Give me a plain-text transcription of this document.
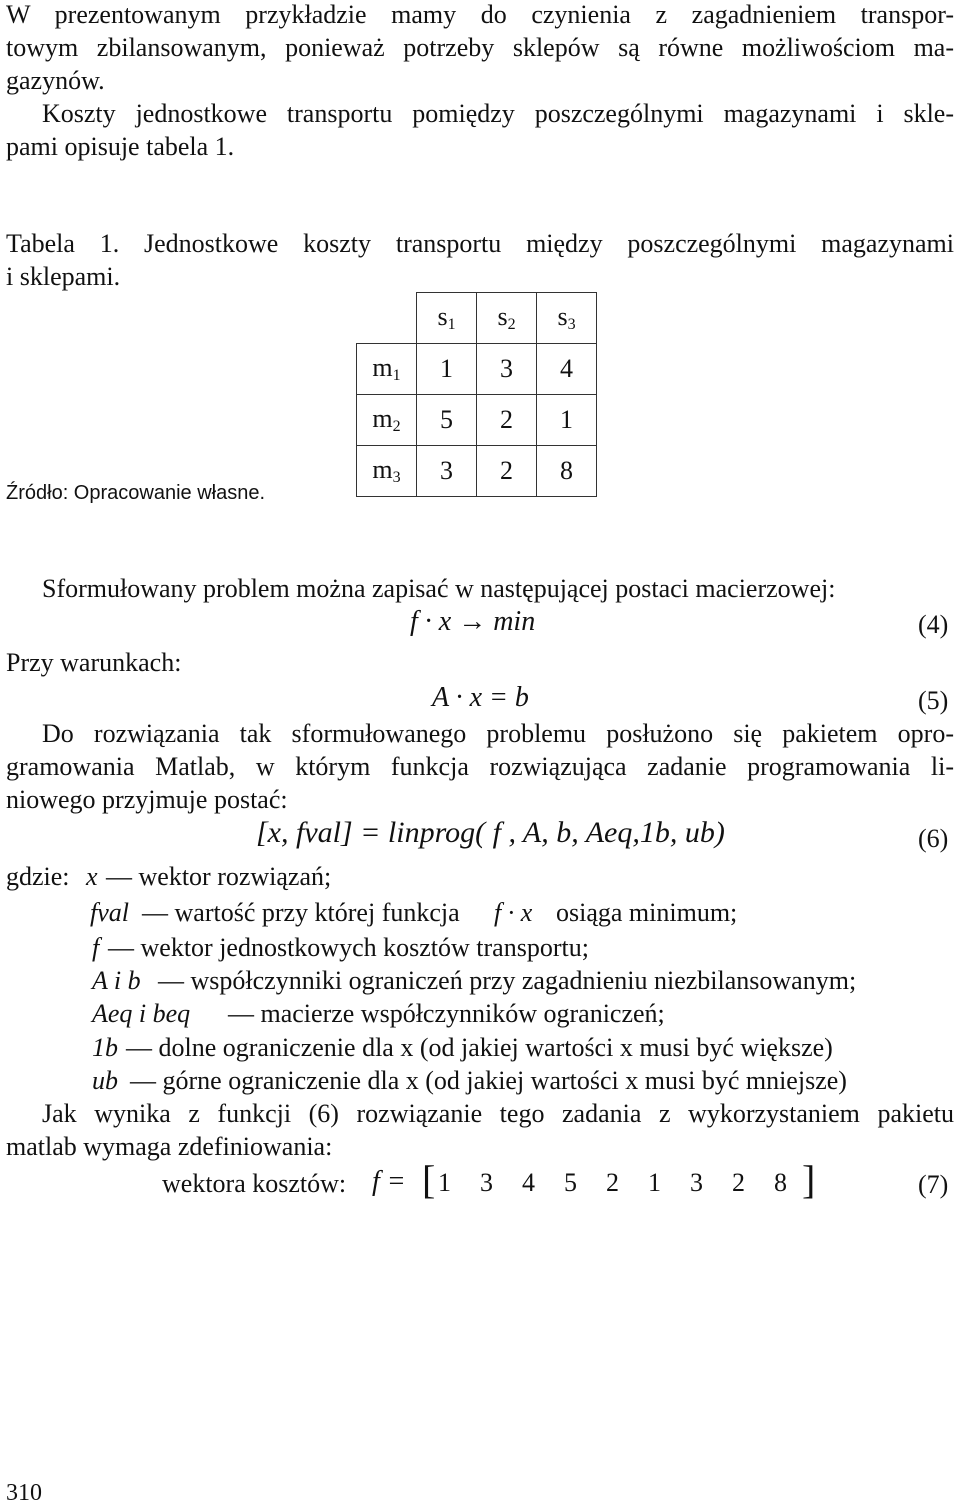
W prezentowanym przykładzie mamy do czynienia z zagadnieniem transpor-
towym zbilansowanym, ponieważ potrzeby sklepów są równe możliwościom ma-
gazynów.
Koszty jednostkowe transportu pomiędzy poszczególnymi magazynami i skle-
pami opisuje tabela 1.
Tabela 1. Jednostkowe koszty transportu między poszczególnymi magazynami
i sklepami.
	$s_1$	$s_2$	$s_3$
$m_1$	1	3	4
$m_2$	5	2	1
$m_3$	3	2	8
Źródło: Opracowanie własne.
Sformułowany problem można zapisać w następującej postaci macierzowej:
f · x → min	(4)
Przy warunkach:
A · x = b	(5)
Do rozwiązania tak sformułowanego problemu posłużono się pakietem opro-
gramowania Matlab, w którym funkcja rozwiązująca zadanie programowania li-
niowego przyjmuje postać:
[x, fval] = linprog( f , A, b, Aeq,1b, ub)	(6)
gdzie: x — wektor rozwiązań;
fval — wartość przy której funkcja f · x osiąga minimum;
f — wektor jednostkowych kosztów transportu;
A i b — współczynniki ograniczeń przy zagadnieniu niezbilansowanym;
Aeq i beq — macierze współczynników ograniczeń;
1b — dolne ograniczenie dla x (od jakiej wartości x musi być większe)
ub — górne ograniczenie dla x (od jakiej wartości x musi być mniejsze)
Jak wynika z funkcji (6) rozwiązanie tego zadania z wykorzystaniem pakietu
matlab wymaga zdefiniowania:
wektora kosztów: f = [	]
1 3 4 5 2 1 3 2 8	(7)
310
